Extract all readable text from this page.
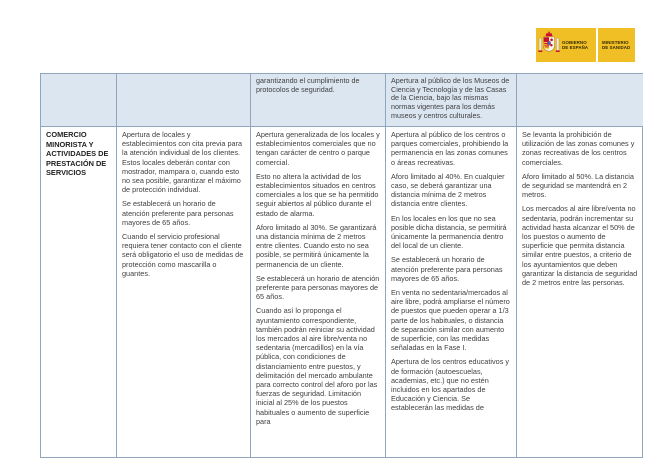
GOBIERNO
DE ESPAÑA
MINISTERIO
DE SANIDAD

garantizando el cumplimiento de protocolos de seguridad.

Apertura al público de los Museos de Ciencia y Tecnología y de las Casas de la Ciencia, bajo las mismas normas vigentes para los demás museos y centros culturales.

COMERCIO MINORISTA Y ACTIVIDADES DE PRESTACIÓN DE SERVICIOS

Apertura de locales y establecimientos con cita previa para la atención individual de los clientes. Estos locales deberán contar con mostrador, mampara o, cuando esto no sea posible, garantizar el máximo de protección individual.

Se establecerá un horario de atención preferente para personas mayores de 65 años.

Cuando el servicio profesional requiera tener contacto con el cliente será obligatorio el uso de medidas de protección como mascarilla o guantes.

Apertura generalizada de los locales y establecimientos comerciales que no tengan carácter de centro o parque comercial.

Esto no altera la actividad de los establecimientos situados en centros comerciales a los que se ha permitido seguir abiertos al público durante el estado de alarma.

Aforo limitado al 30%. Se garantizará una distancia mínima de 2 metros entre clientes. Cuando esto no sea posible, se permitirá únicamente la permanencia de un cliente.

Se establecerá un horario de atención preferente para personas mayores de 65 años.

Cuando así lo proponga el ayuntamiento correspondiente, también podrán reiniciar su actividad los mercados al aire libre/venta no sedentaria (mercadillos) en la vía pública, con condiciones de distanciamiento entre puestos, y delimitación del mercado ambulante para correcto control del aforo por las fuerzas de seguridad. Limitación inicial al 25% de los puestos habituales o aumento de superficie para

Apertura al público de los centros o parques comerciales, prohibiendo la permanencia en las zonas comunes o áreas recreativas.

Aforo limitado al 40%. En cualquier caso, se deberá garantizar una distancia mínima de 2 metros distancia entre clientes.

En los locales en los que no sea posible dicha distancia, se permitirá únicamente la permanencia dentro del local de un cliente.

Se establecerá un horario de atención preferente para personas mayores de 65 años.

En venta no sedentaria/mercados al aire libre, podrá ampliarse el número de puestos que pueden operar a 1/3 parte de los habituales, o distancia de separación similar con aumento de superficie, con las medidas señaladas en la Fase I.

Apertura de los centros educativos y de formación (autoescuelas, academias, etc.) que no estén incluidos en los apartados de Educación y Ciencia. Se establecerán las medidas de

Se levanta la prohibición de utilización de las zonas comunes y zonas recreativas de los centros comerciales.

Aforo limitado al 50%. La distancia de seguridad se mantendrá en 2 metros.

Los mercados al aire libre/venta no sedentaria, podrán incrementar su actividad hasta alcanzar el 50% de los puestos o aumento de superficie que permita distancia similar entre puestos, a criterio de los ayuntamientos que deben garantizar la distancia de seguridad de 2 metros entre las personas.
